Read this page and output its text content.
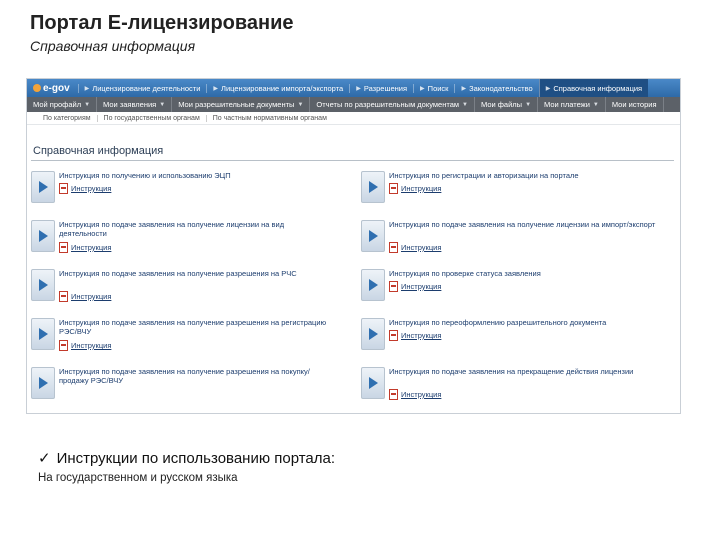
Портал Е-лицензирование
Справочная информация
e-gov	▶ Лицензирование деятельности ▶ Лицензирование импорта/экспорта ▶ Разрешения ▶ Поиск ▶ Законодательство ▶ Справочная информация
Мой профайл ▼ Мои заявления ▼ Мои разрешительные документы ▼ Отчеты по разрешительным документам ▼ Мои файлы ▼ Мои платежи ▼ Мои история
По категориям	По государственным органам	По частным нормативным органам
Справочная информация
Инструкция по получению и использованию ЭЦП
Инструкция
Инструкция по регистрации и авторизации на портале
Инструкция
Инструкция по подаче заявления на получение лицензии на вид деятельности
Инструкция
Инструкция по подаче заявления на получение лицензии на импорт/экспорт
Инструкция
Инструкция по подаче заявления на получение разрешения на РЧС
Инструкция
Инструкция по проверке статуса заявления
Инструкция
Инструкция по подаче заявления на получение разрешения на регистрацию РЭС/ВЧУ
Инструкция
Инструкция по переоформлению разрешительного документа
Инструкция
Инструкция по подаче заявления на получение разрешения на покупку/продажу РЭС/ВЧУ
Инструкция по подаче заявления на прекращение действия лицензии
Инструкция
✓ Инструкции по использованию портала:
На государственном и русском языка
